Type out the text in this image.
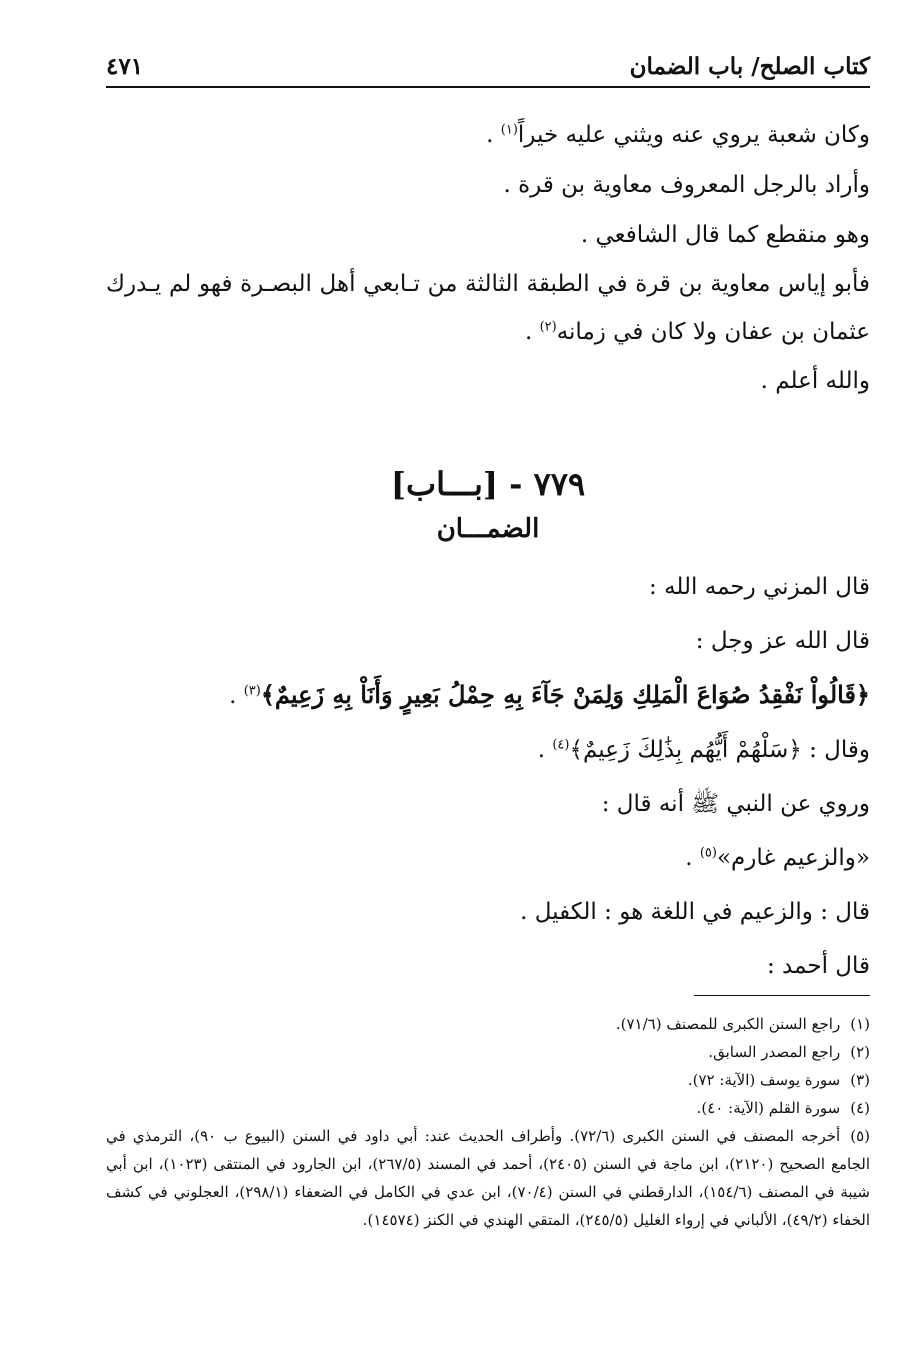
كتاب الصلح/ باب الضمان
٤٧١

وكان شعبة يروي عنه ويثني عليه خيراً$^{(١)}$ .

وأراد بالرجل المعروف معاوية بن قرة .

وهو منقطع كما قال الشافعي .

فأبو إياس معاوية بن قرة في الطبقة الثالثة من تـابعي أهل البصـرة فهو لم يـدرك عثمان بن عفان ولا كان في زمانه$^{(٢)}$ .

والله أعلم .

٧٧٩ - [بـــاب]
الضمـــان

قال المزني رحمه الله :

قال الله عز وجل :

﴿قَالُواْ نَفْقِدُ صُوَاعَ الْمَلِكِ وَلِمَنْ جَآءَ بِهِ حِمْلُ بَعِيرٍ وَأَنَاْ بِهِ زَعِيمٌ﴾$^{(٣)}$ .

وقال : ﴿سَلْهُمْ أَيُّهُم بِذَٰلِكَ زَعِيمٌ﴾$^{(٤)}$ .

وروي عن النبي ﷺ أنه قال :

«والزعيم غارم»$^{(٥)}$ .

قال : والزعيم في اللغة هو : الكفيل .

قال أحمد :

(١)راجع السنن الكبرى للمصنف (٧١/٦).

(٢)راجع المصدر السابق.

(٣)سورة يوسف (الآية: ٧٢).

(٤)سورة القلم (الآية: ٤٠).

(٥)أخرجه المصنف في السنن الكبرى (٧٢/٦). وأطراف الحديث عند: أبي داود في السنن (البيوع ب ٩٠)، الترمذي في الجامع الصحيح (٢١٢٠)، ابن ماجة في السنن (٢٤٠٥)، أحمد في المسند (٢٦٧/٥)، ابن الجارود في المنتقى (١٠٢٣)، ابن أبي شيبة في المصنف (١٥٤/٦)، الدارقطني في السنن (٧٠/٤)، ابن عدي في الكامل في الضعفاء (٢٩٨/١)، العجلوني في كشف الخفاء (٤٩/٢)، الألباني في إرواء الغليل (٢٤٥/٥)، المتقي الهندي في الكنز (١٤٥٧٤).
